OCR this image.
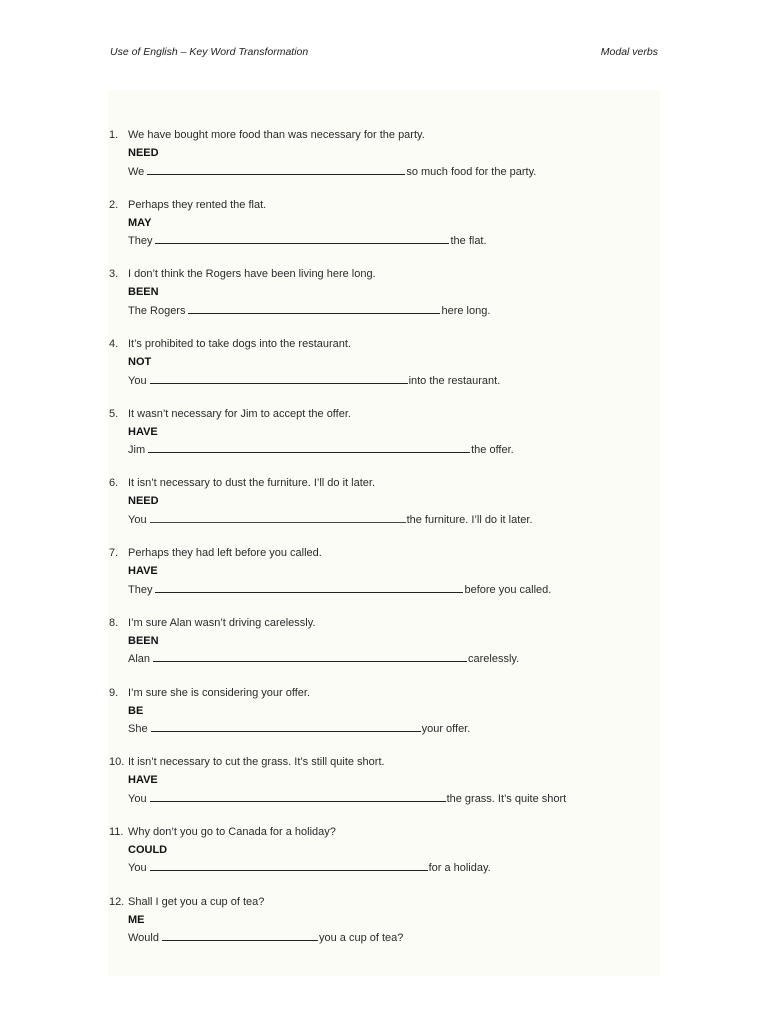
Use of English – Key Word Transformation	Modal verbs
1. We have bought more food than was necessary for the party.
NEED
We	so much food for the party.
2. Perhaps they rented the flat.
MAY
They	the flat.
3. I don’t think the Rogers have been living here long.
BEEN
The Rogers	here long.
4. It’s prohibited to take dogs into the restaurant.
NOT
You	into the restaurant.
5. It wasn’t necessary for Jim to accept the offer.
HAVE
Jim	the offer.
6. It isn’t necessary to dust the furniture. I’ll do it later.
NEED
You	the furniture. I’ll do it later.
7. Perhaps they had left before you called.
HAVE
They	before you called.
8. I’m sure Alan wasn’t driving carelessly.
BEEN
Alan	carelessly.
9. I’m sure she is considering your offer.
BE
She	your offer.
10. It isn’t necessary to cut the grass. It’s still quite short.
HAVE
You	the grass. It’s quite short
11. Why don’t you go to Canada for a holiday?
COULD
You	for a holiday.
12. Shall I get you a cup of tea?
ME
Would	you a cup of tea?
